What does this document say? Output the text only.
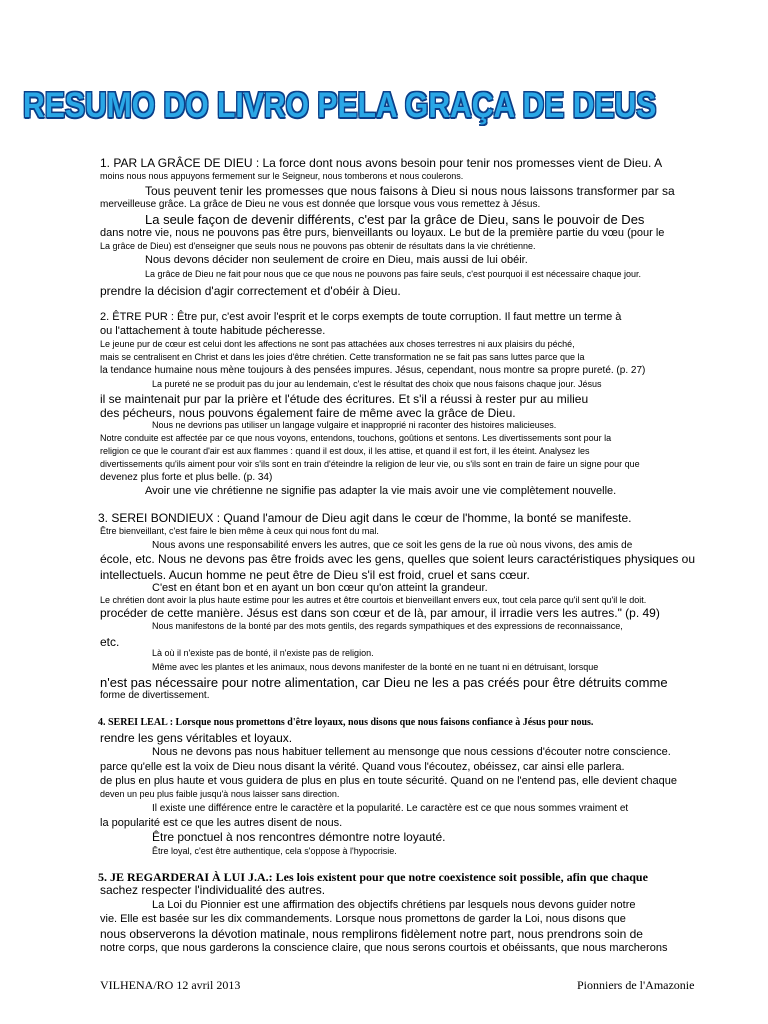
RESUMO DO LIVRO PELA GRAÇA DE DEUS
1. PAR LA GRÂCE DE DIEU : La force dont nous avons besoin pour tenir nos promesses vient de Dieu. A
moins nous nous appuyons fermement sur le Seigneur, nous tomberons et nous coulerons.
Tous peuvent tenir les promesses que nous faisons à Dieu si nous nous laissons transformer par sa
merveilleuse grâce. La grâce de Dieu ne vous est donnée que lorsque vous vous remettez à Jésus.
La seule façon de devenir différents, c'est par la grâce de Dieu, sans le pouvoir de Des
dans notre vie, nous ne pouvons pas être purs, bienveillants ou loyaux. Le but de la première partie du vœu (pour le
La grâce de Dieu) est d'enseigner que seuls nous ne pouvons pas obtenir de résultats dans la vie chrétienne.
Nous devons décider non seulement de croire en Dieu, mais aussi de lui obéir.
La grâce de Dieu ne fait pour nous que ce que nous ne pouvons pas faire seuls, c'est pourquoi il est nécessaire chaque jour.
prendre la décision d'agir correctement et d'obéir à Dieu.
2. ÊTRE PUR : Être pur, c'est avoir l'esprit et le corps exempts de toute corruption. Il faut mettre un terme à
ou l'attachement à toute habitude pécheresse.
Le jeune pur de cœur est celui dont les affections ne sont pas attachées aux choses terrestres ni aux plaisirs du péché,
mais se centralisent en Christ et dans les joies d'être chrétien. Cette transformation ne se fait pas sans luttes parce que la
la tendance humaine nous mène toujours à des pensées impures. Jésus, cependant, nous montre sa propre pureté. (p. 27)
La pureté ne se produit pas du jour au lendemain, c'est le résultat des choix que nous faisons chaque jour. Jésus
il se maintenait pur par la prière et l'étude des écritures. Et s'il a réussi à rester pur au milieu
des pécheurs, nous pouvons également faire de même avec la grâce de Dieu.
Nous ne devrions pas utiliser un langage vulgaire et inapproprié ni raconter des histoires malicieuses.
Notre conduite est affectée par ce que nous voyons, entendons, touchons, goûtions et sentons. Les divertissements sont pour la
religion ce que le courant d'air est aux flammes : quand il est doux, il les attise, et quand il est fort, il les éteint. Analysez les
divertissements qu'ils aiment pour voir s'ils sont en train d'éteindre la religion de leur vie, ou s'ils sont en train de faire un signe pour que
devenez plus forte et plus belle. (p. 34)
Avoir une vie chrétienne ne signifie pas adapter la vie mais avoir une vie complètement nouvelle.
3. SEREI BONDIEUX : Quand l'amour de Dieu agit dans le cœur de l'homme, la bonté se manifeste.
Être bienveillant, c'est faire le bien même à ceux qui nous font du mal.
Nous avons une responsabilité envers les autres, que ce soit les gens de la rue où nous vivons, des amis de
école, etc. Nous ne devons pas être froids avec les gens, quelles que soient leurs caractéristiques physiques ou
intellectuels. Aucun homme ne peut être de Dieu s'il est froid, cruel et sans cœur.
C'est en étant bon et en ayant un bon cœur qu'on atteint la grandeur.
Le chrétien dont avoir la plus haute estime pour les autres et être courtois et bienveillant envers eux, tout cela parce qu'il sent qu'il le doit.
procéder de cette manière. Jésus est dans son cœur et de là, par amour, il irradie vers les autres." (p. 49)
Nous manifestons de la bonté par des mots gentils, des regards sympathiques et des expressions de reconnaissance,
etc.
Là où il n'existe pas de bonté, il n'existe pas de religion.
Même avec les plantes et les animaux, nous devons manifester de la bonté en ne tuant ni en détruisant, lorsque
n'est pas nécessaire pour notre alimentation, car Dieu ne les a pas créés pour être détruits comme
forme de divertissement.
4. SEREI LEAL : Lorsque nous promettons d'être loyaux, nous disons que nous faisons confiance à Jésus pour nous.
rendre les gens véritables et loyaux.
Nous ne devons pas nous habituer tellement au mensonge que nous cessions d'écouter notre conscience.
parce qu'elle est la voix de Dieu nous disant la vérité. Quand vous l'écoutez, obéissez, car ainsi elle parlera.
de plus en plus haute et vous guidera de plus en plus en toute sécurité. Quand on ne l'entend pas, elle devient chaque
deven un peu plus faible jusqu'à nous laisser sans direction.
Il existe une différence entre le caractère et la popularité. Le caractère est ce que nous sommes vraiment et
la popularité est ce que les autres disent de nous.
Être ponctuel à nos rencontres démontre notre loyauté.
Être loyal, c'est être authentique, cela s'oppose à l'hypocrisie.
5. JE REGARDERAI À LUI J.A.: Les lois existent pour que notre coexistence soit possible, afin que chaque
sachez respecter l'individualité des autres.
La Loi du Pionnier est une affirmation des objectifs chrétiens par lesquels nous devons guider notre
vie. Elle est basée sur les dix commandements. Lorsque nous promettons de garder la Loi, nous disons que
nous observerons la dévotion matinale, nous remplirons fidèlement notre part, nous prendrons soin de
notre corps, que nous garderons la conscience claire, que nous serons courtois et obéissants, que nous marcherons
VILHENA/RO 12 avril 2013	Pionniers de l'Amazonie
